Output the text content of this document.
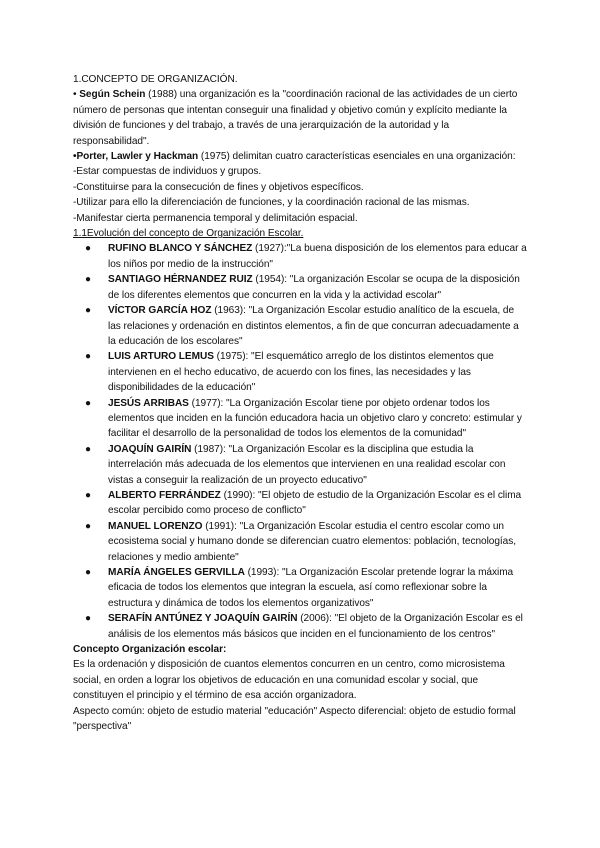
1.CONCEPTO DE ORGANIZACIÓN.

• Según Schein (1988) una organización es la "coordinación racional de las actividades de un cierto número de personas que intentan conseguir una finalidad y objetivo común y explícito mediante la división de funciones y del trabajo, a través de una jerarquización de la autoridad y la responsabilidad".

•Porter, Lawler y Hackman (1975) delimitan cuatro características esenciales en una organización:

-Estar compuestas de individuos y grupos.

-Constituirse para la consecución de fines y objetivos específicos.

-Utilizar para ello la diferenciación de funciones, y la coordinación racional de las mismas.

-Manifestar cierta permanencia temporal y delimitación espacial.

1.1Evolución del concepto de Organización Escolar.

● RUFINO BLANCO Y SÁNCHEZ (1927):"La buena disposición de los elementos para educar a los niños por medio de la instrucción"
● SANTIAGO HÉRNANDEZ RUIZ (1954): "La organización Escolar se ocupa de la disposición de los diferentes elementos que concurren en la vida y la actividad escolar"
● VÍCTOR GARCÍA HOZ (1963): "La Organización Escolar estudio analítico de la escuela, de las relaciones y ordenación en distintos elementos, a fin de que concurran adecuadamente a la educación de los escolares"
● LUIS ARTURO LEMUS (1975): "El esquemático arreglo de los distintos elementos que intervienen en el hecho educativo, de acuerdo con los fines, las necesidades y las disponibilidades de la educación"
● JESÚS ARRIBAS (1977): "La Organización Escolar tiene por objeto ordenar todos los elementos que inciden en la función educadora hacia un objetivo claro y concreto: estimular y facilitar el desarrollo de la personalidad de todos los elementos de la comunidad"
● JOAQUÍN GAIRÍN (1987): "La Organización Escolar es la disciplina que estudia la interrelación más adecuada de los elementos que intervienen en una realidad escolar con vistas a conseguir la realización de un proyecto educativo"
● ALBERTO FERRÁNDEZ (1990): "El objeto de estudio de la Organización Escolar es el clima escolar percibido como proceso de conflicto"
● MANUEL LORENZO (1991): "La Organización Escolar estudia el centro escolar como un ecosistema social y humano donde se diferencian cuatro elementos: población, tecnologías, relaciones y medio ambiente"
● MARÍA ÁNGELES GERVILLA (1993): "La Organización Escolar pretende lograr la máxima eficacia de todos los elementos que integran la escuela, así como reflexionar sobre la estructura y dinámica de todos los elementos organizativos"
● SERAFÍN ANTÚNEZ Y JOAQUÍN GAIRÍN (2006): "El objeto de la Organización Escolar es el análisis de los elementos más básicos que inciden en el funcionamiento de los centros"

Concepto Organización escolar:

Es la ordenación y disposición de cuantos elementos concurren en un centro, como microsistema social, en orden a lograr los objetivos de educación en una comunidad escolar y social, que constituyen el principio y el término de esa acción organizadora.

Aspecto común: objeto de estudio material "educación" Aspecto diferencial: objeto de estudio formal

"perspectiva"
